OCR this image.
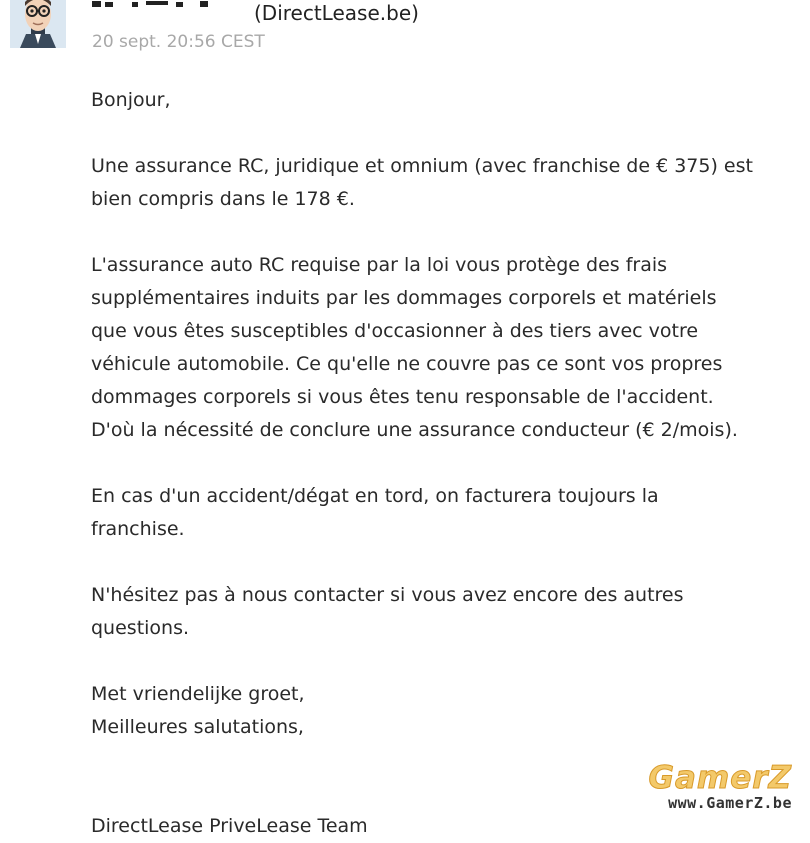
(DirectLease.be)
20 sept. 20:56 CEST

Bonjour,

Une assurance RC, juridique et omnium (avec franchise de € 375) est

bien compris dans le 178 €.

L'assurance auto RC requise par la loi vous protège des frais

supplémentaires induits par les dommages corporels et matériels

que vous êtes susceptibles d'occasionner à des tiers avec votre

véhicule automobile. Ce qu'elle ne couvre pas ce sont vos propres

dommages corporels si vous êtes tenu responsable de l'accident.

D'où la nécessité de conclure une assurance conducteur (€ 2/mois).

En cas d'un accident/dégat en tord, on facturera toujours la

franchise.

N'hésitez pas à nous contacter si vous avez encore des autres

questions.

Met vriendelijke groet,

Meilleures salutations,

DirectLease PriveLease Team

GamerZ
www.GamerZ.be
